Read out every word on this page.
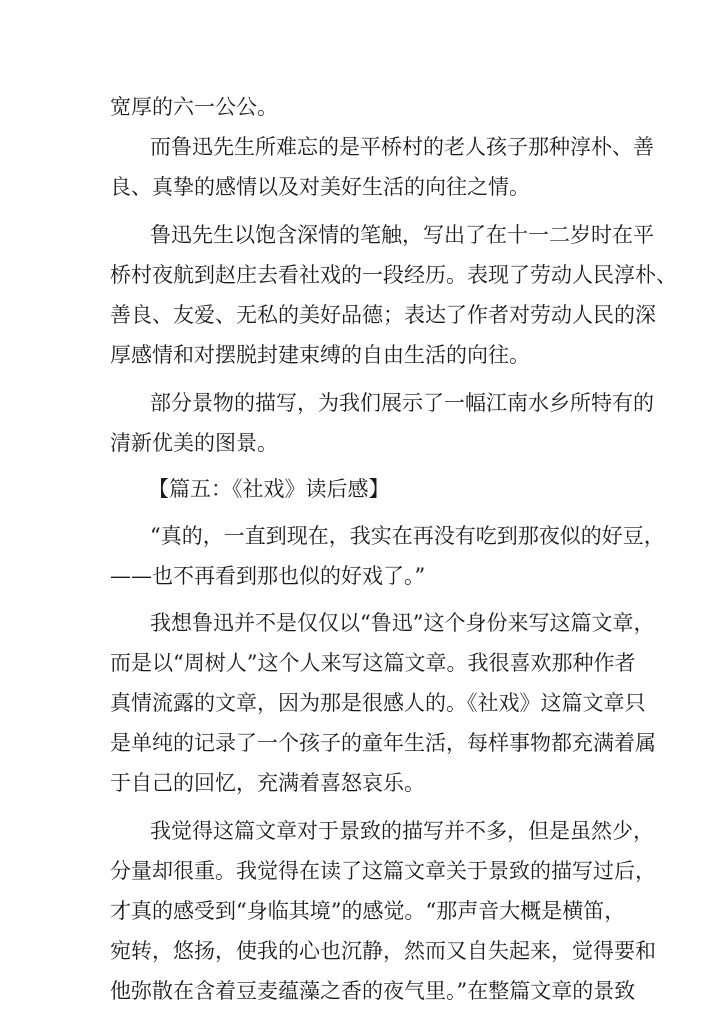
宽厚的六一公公。
而鲁迅先生所难忘的是平桥村的老人孩子那种淳朴、善
良、真挚的感情以及对美好生活的向往之情。
鲁迅先生以饱含深情的笔触，写出了在十一二岁时在平
桥村夜航到赵庄去看社戏的一段经历。表现了劳动人民淳朴、
善良、友爱、无私的美好品德；表达了作者对劳动人民的深
厚感情和对摆脱封建束缚的自由生活的向往。
部分景物的描写，为我们展示了一幅江南水乡所特有的
清新优美的图景。
【篇五：《社戏》读后感】
“真的，一直到现在，我实在再没有吃到那夜似的好豆，
——也不再看到那也似的好戏了。”
我想鲁迅并不是仅仅以“鲁迅”这个身份来写这篇文章，
而是以“周树人”这个人来写这篇文章。我很喜欢那种作者
真情流露的文章，因为那是很感人的。《社戏》这篇文章只
是单纯的记录了一个孩子的童年生活，每样事物都充满着属
于自己的回忆，充满着喜怒哀乐。
我觉得这篇文章对于景致的描写并不多，但是虽然少，
分量却很重。我觉得在读了这篇文章关于景致的描写过后，
才真的感受到“身临其境”的感觉。“那声音大概是横笛，
宛转，悠扬，使我的心也沉静，然而又自失起来，觉得要和
他弥散在含着豆麦蕴藻之香的夜气里。”在整篇文章的景致
